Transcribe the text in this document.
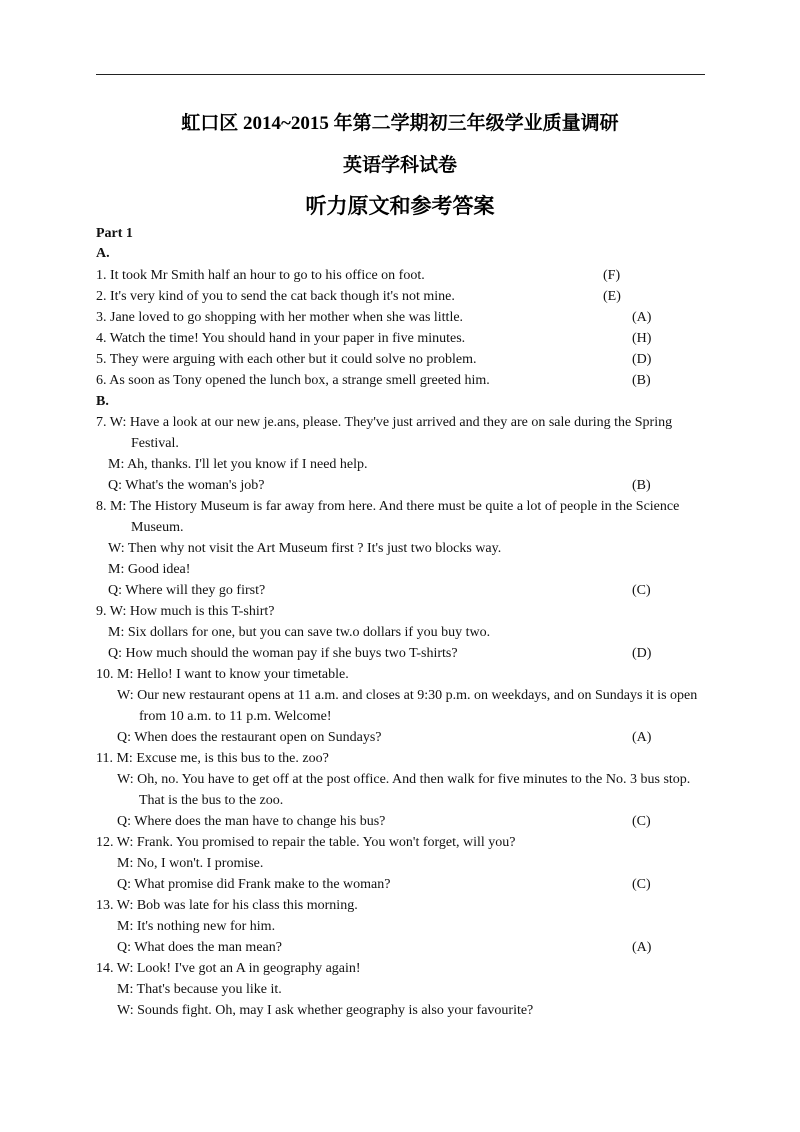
虹口区 2014~2015 年第二学期初三年级学业质量调研
英语学科试卷
听力原文和参考答案
Part 1
A.
1. It took Mr Smith half an hour to go to his office on foot.	(F)
2. It's very kind of you to send the cat back though it's not mine.	(E)
3. Jane loved to go shopping with her mother when she was little.	(A)
4. Watch the time! You should hand in your paper in five minutes.	(H)
5. They were arguing with each other but it could solve no problem.	(D)
6. As soon as Tony opened the lunch box, a strange smell greeted him.	(B)
B.
7. W: Have a look at our new je.ans, please. They've just arrived and they are on sale during the Spring
Festival.
M: Ah, thanks. I'll let you know if I need help.
Q: What's the woman's job?	(B)
8. M: The History Museum is far away from here. And there must be quite a lot of people in the Science
Museum.
W: Then why not visit the Art Museum first ? It's just two blocks way.
M: Good idea!
Q: Where will they go first?	(C)
9. W: How much is this T-shirt?
M: Six dollars for one, but you can save tw.o dollars if you buy two.
Q: How much should the woman pay if she buys two T-shirts?	(D)
10. M: Hello! I want to know your timetable.
W: Our new restaurant opens at 11 a.m. and closes at 9:30 p.m. on weekdays, and on Sundays it is open
from 10 a.m. to 11 p.m. Welcome!
Q: When does the restaurant open on Sundays?	(A)
11. M: Excuse me, is this bus to the. zoo?
W: Oh, no. You have to get off at the post office. And then walk for five minutes to the No. 3 bus stop.
That is the bus to the zoo.
Q: Where does the man have to change his bus?	(C)
12. W: Frank. You promised to repair the table. You won't forget, will you?
M: No, I won't. I promise.
Q: What promise did Frank make to the woman?	(C)
13. W: Bob was late for his class this morning.
M: It's nothing new for him.
Q: What does the man mean?	(A)
14. W: Look! I've got an A in geography again!
M: That's because you like it.
W: Sounds fight. Oh, may I ask whether geography is also your favourite?
